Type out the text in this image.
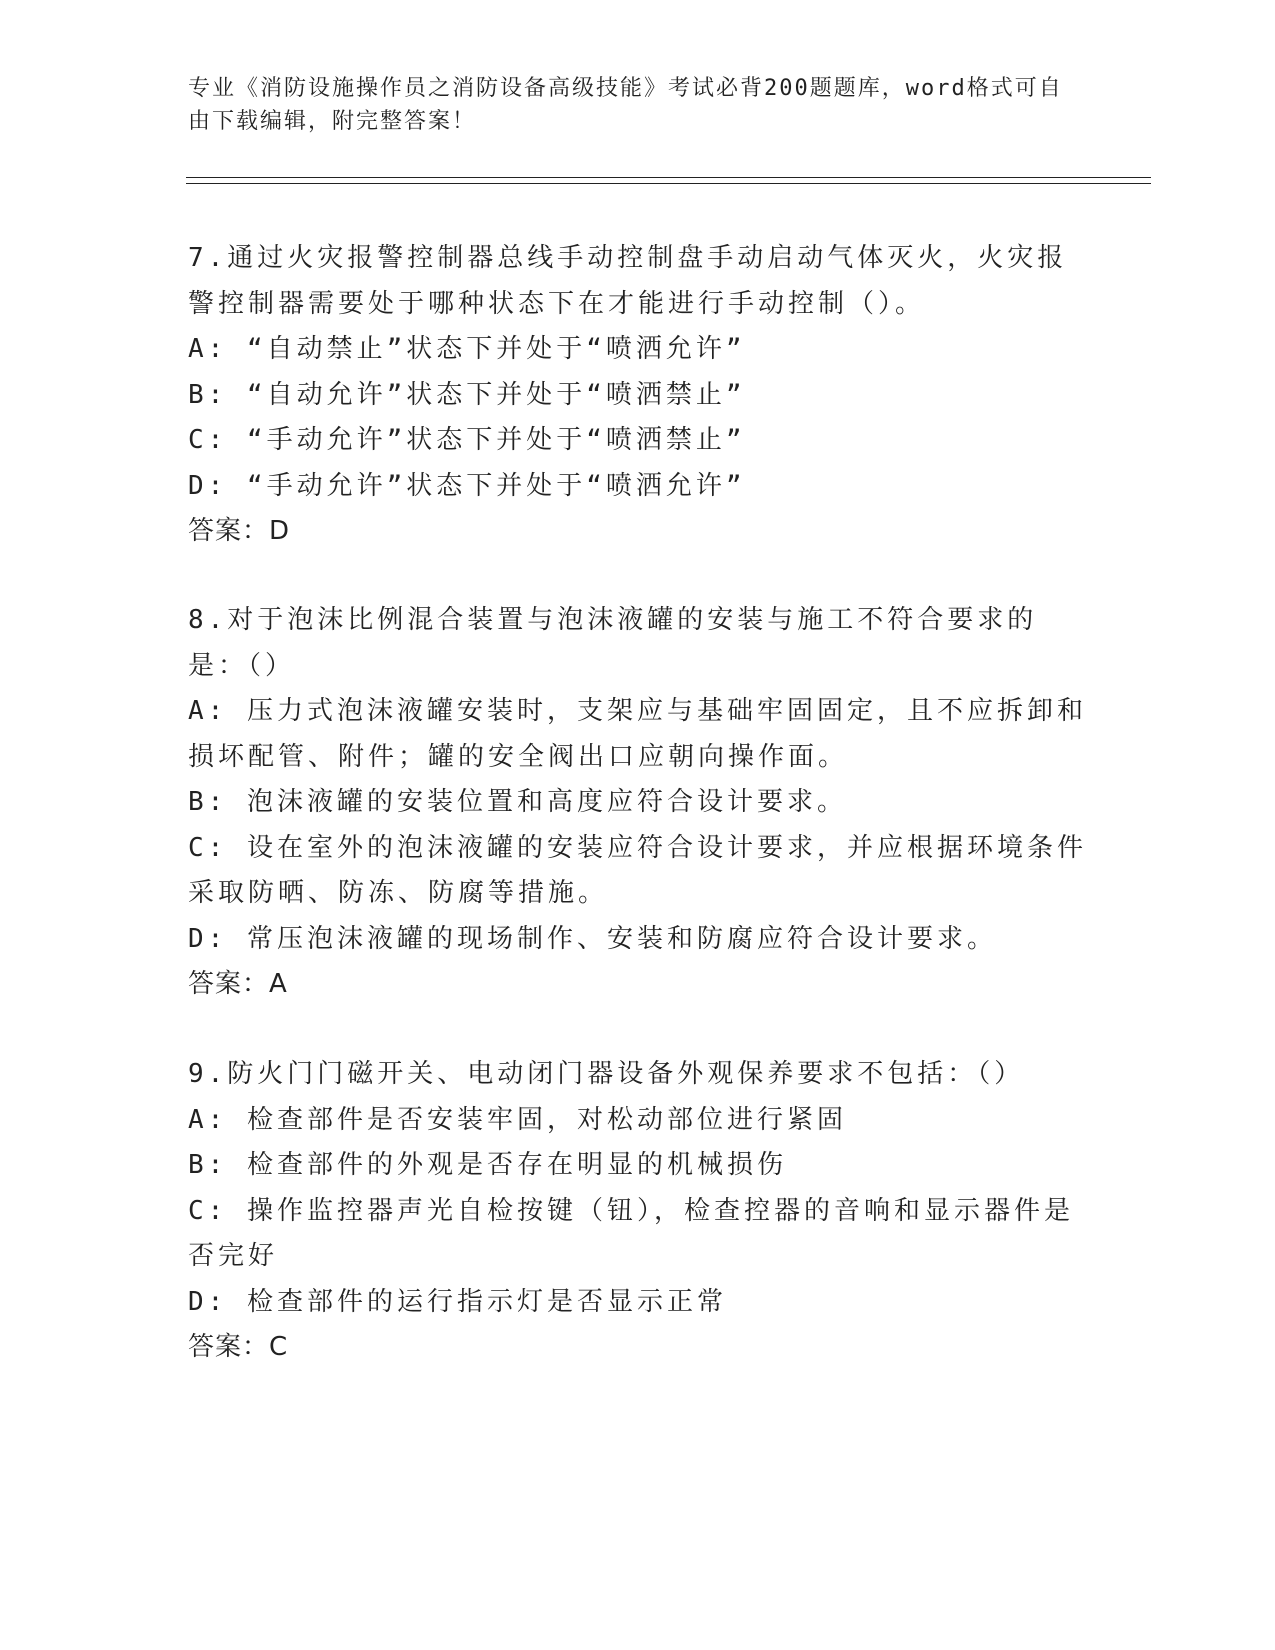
专业《消防设施操作员之消防设备高级技能》考试必背200题题库，word格式可自由下载编辑，附完整答案！
7.通过火灾报警控制器总线手动控制盘手动启动气体灭火，火灾报警控制器需要处于哪种状态下在才能进行手动控制（）。
A: “自动禁止”状态下并处于“喷洒允许”
B: “自动允许”状态下并处于“喷洒禁止”
C: “手动允许”状态下并处于“喷洒禁止”
D: “手动允许”状态下并处于“喷洒允许”
答案：D
8.对于泡沫比例混合装置与泡沫液罐的安装与施工不符合要求的是：（）
A: 压力式泡沫液罐安装时，支架应与基础牢固固定，且不应拆卸和损坏配管、附件；罐的安全阀出口应朝向操作面。
B: 泡沫液罐的安装位置和高度应符合设计要求。
C: 设在室外的泡沫液罐的安装应符合设计要求，并应根据环境条件采取防晒、防冻、防腐等措施。
D: 常压泡沫液罐的现场制作、安装和防腐应符合设计要求。
答案：A
9.防火门门磁开关、电动闭门器设备外观保养要求不包括：（）
A: 检查部件是否安装牢固，对松动部位进行紧固
B: 检查部件的外观是否存在明显的机械损伤
C: 操作监控器声光自检按键（钮），检查控器的音响和显示器件是否完好
D: 检查部件的运行指示灯是否显示正常
答案：C
